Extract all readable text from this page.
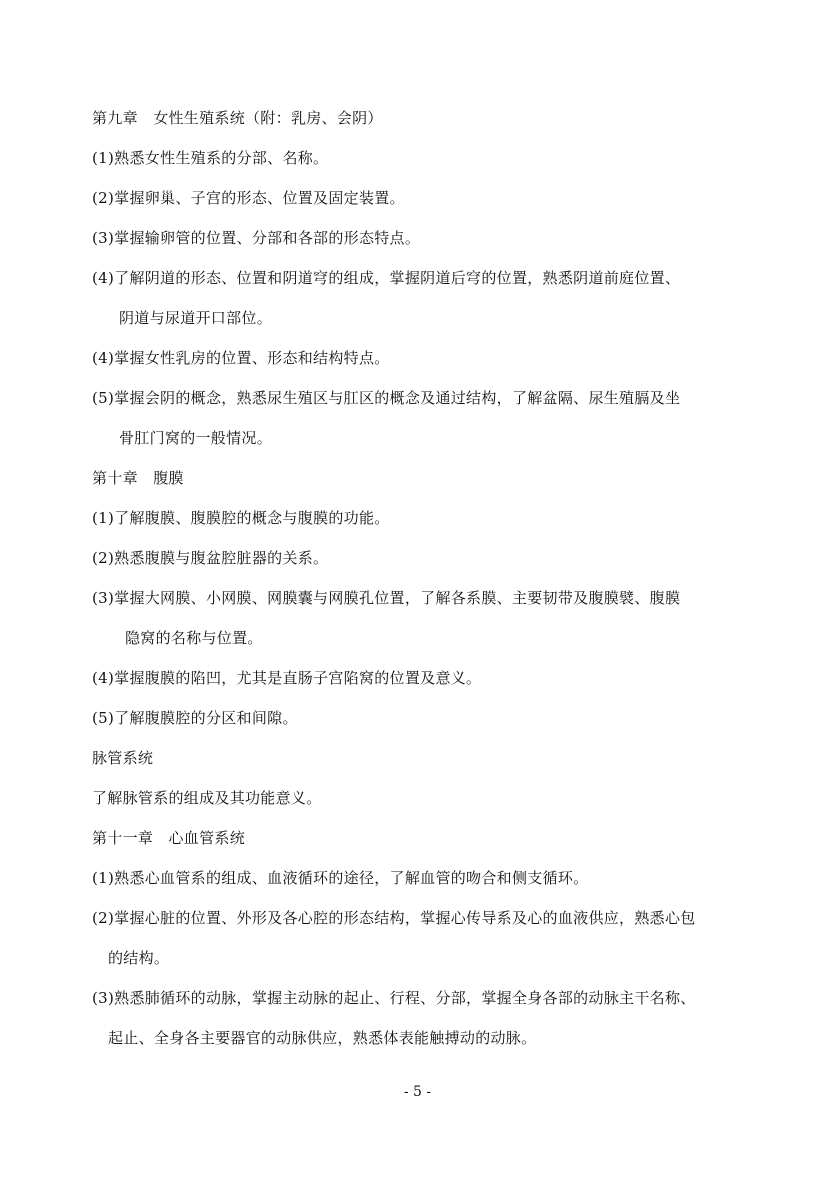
第九章　女性生殖系统（附：乳房、会阴）
(1)熟悉女性生殖系的分部、名称。
(2)掌握卵巢、子宫的形态、位置及固定装置。
(3)掌握输卵管的位置、分部和各部的形态特点。
(4)了解阴道的形态、位置和阴道穹的组成，掌握阴道后穹的位置，熟悉阴道前庭位置、
阴道与尿道开口部位。
(4)掌握女性乳房的位置、形态和结构特点。
(5)掌握会阴的概念，熟悉尿生殖区与肛区的概念及通过结构，了解盆隔、尿生殖膈及坐
骨肛门窝的一般情况。
第十章　腹膜
(1)了解腹膜、腹膜腔的概念与腹膜的功能。
(2)熟悉腹膜与腹盆腔脏器的关系。
(3)掌握大网膜、小网膜、网膜囊与网膜孔位置，了解各系膜、主要韧带及腹膜襞、腹膜
隐窝的名称与位置。
(4)掌握腹膜的陷凹，尤其是直肠子宫陷窝的位置及意义。
(5)了解腹膜腔的分区和间隙。
脉管系统
了解脉管系的组成及其功能意义。
第十一章　心血管系统
(1)熟悉心血管系的组成、血液循环的途径，了解血管的吻合和侧支循环。
(2)掌握心脏的位置、外形及各心腔的形态结构，掌握心传导系及心的血液供应，熟悉心包
的结构。
(3)熟悉肺循环的动脉，掌握主动脉的起止、行程、分部，掌握全身各部的动脉主干名称、
起止、全身各主要器官的动脉供应，熟悉体表能触搏动的动脉。
- 5 -
